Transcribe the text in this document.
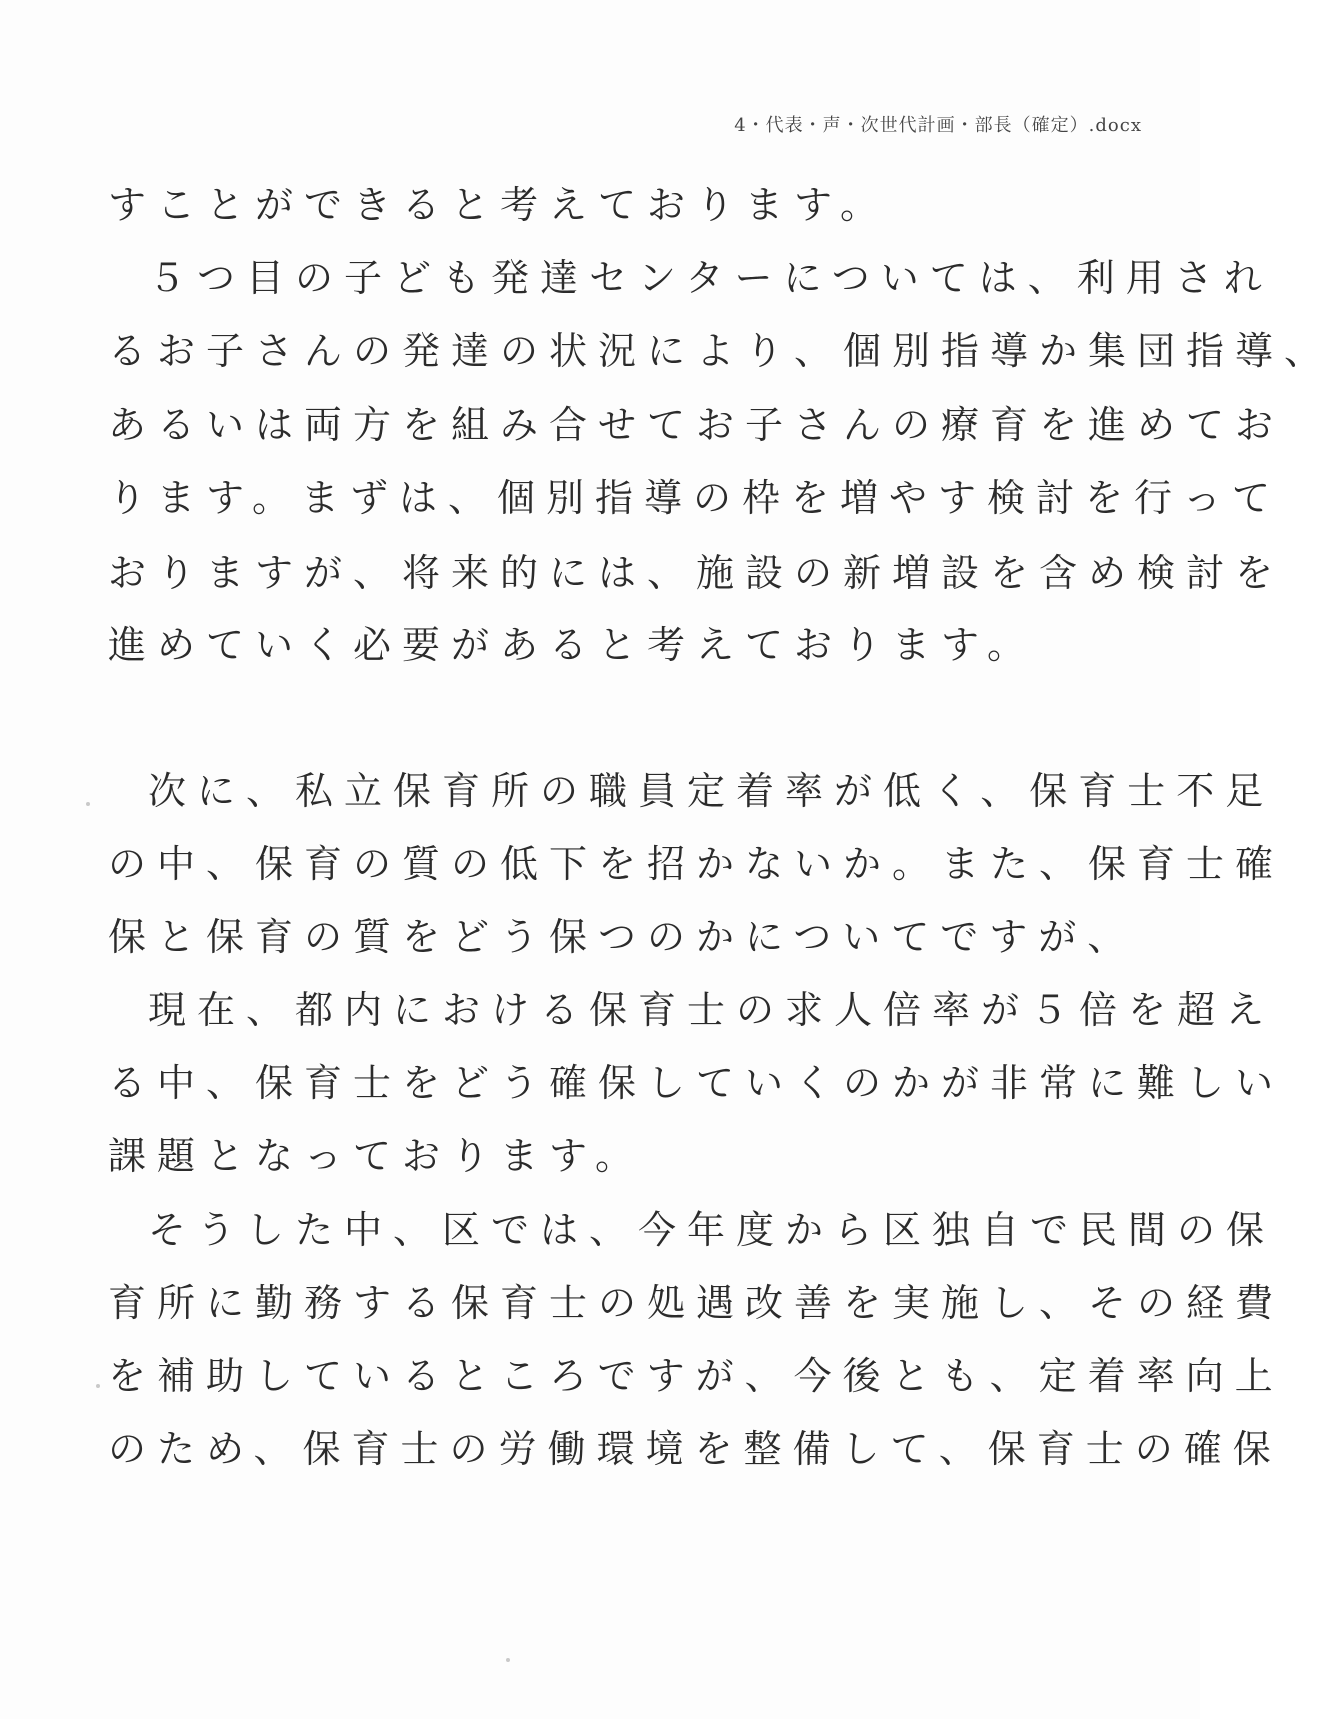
4・代表・声・次世代計画・部長（確定）.docx
すことができると考えております。
５つ目の子ども発達センターについては、利用され
るお子さんの発達の状況により、個別指導か集団指導、
あるいは両方を組み合せてお子さんの療育を進めてお
ります。まずは、個別指導の枠を増やす検討を行って
おりますが、将来的には、施設の新増設を含め検討を
進めていく必要があると考えております。
次に、私立保育所の職員定着率が低く、保育士不足
の中、保育の質の低下を招かないか。また、保育士確
保と保育の質をどう保つのかについてですが、
現在、都内における保育士の求人倍率が５倍を超え
る中、保育士をどう確保していくのかが非常に難しい
課題となっております。
そうした中、区では、今年度から区独自で民間の保
育所に勤務する保育士の処遇改善を実施し、その経費
を補助しているところですが、今後とも、定着率向上
のため、保育士の労働環境を整備して、保育士の確保
